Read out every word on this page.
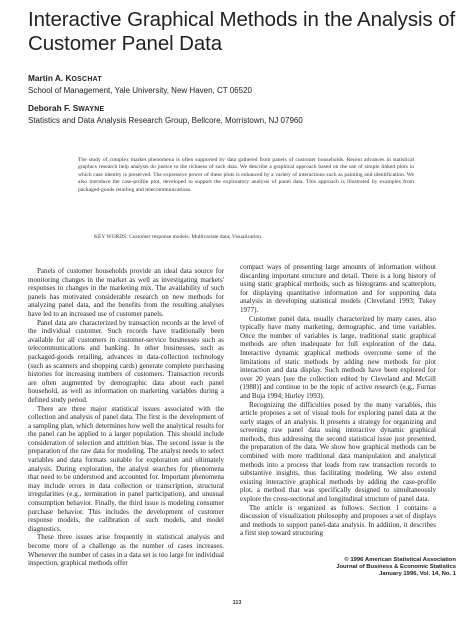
Interactive Graphical Methods in the Analysis of Customer Panel Data
Martin A. KOSCHAT
School of Management, Yale University, New Haven, CT 06520
Deborah F. SWAYNE
Statistics and Data Analysis Research Group, Bellcore, Morristown, NJ 07960
The study of complex market phenomena is often supported by data gathered from panels of customer households. Recent advances in statistical graphics research help analysts do justice to the richness of such data. We describe a graphical approach based on the use of simple linked plots in which case identity is preserved. The expressive power of these plots is enhanced by a variety of interactions such as painting and identification. We also introduce the case-profile plot, developed to support the exploratory analysis of panel data. This approach is illustrated by examples from packaged-goods retailing and telecommunications.
KEY WORDS: Customer response models; Multivariate data; Visualization.

Panels of customer households provide an ideal data source for monitoring changes in the market as well as investigating markets' responses to changes in the marketing mix. The availability of such panels has motivated considerable research on new methods for analyzing panel data, and the benefits from the resulting analyses have led to an increased use of customer panels.

Panel data are characterized by transaction records at the level of the individual customer. Such records have traditionally been available for all customers in customer-service businesses such as telecommunications and banking. In other businesses, such as packaged-goods retailing, advances in data-collection technology (such as scanners and shopping cards) generate complete purchasing histories for increasing numbers of customers. Transaction records are often augmented by demographic data about each panel household, as well as information on marketing variables during a defined study period.

There are three major statistical issues associated with the collection and analysis of panel data. The first is the development of a sampling plan, which determines how well the analytical results for the panel can be applied to a larger population. This should include consideration of selection and attrition bias. The second issue is the preparation of the raw data for modeling. The analyst needs to select variables and data formats suitable for exploration and ultimately analysis. During exploration, the analyst searches for phenomena that need to be understood and accounted for. Important phenomena may include errors in data collection or transcription, structural irregularities (e.g., termination in panel participation), and unusual consumption behavior. Finally, the third issue is modeling consumer purchase behavior. This includes the development of customer response models, the calibration of such models, and model diagnostics.

These three issues arise frequently in statistical analysis and become more of a challenge as the number of cases increases. Whenever the number of cases in a data set is too large for individual inspection, graphical methods offer

compact ways of presenting large amounts of information without discarding important structure and detail. There is a long history of using static graphical methods, such as histograms and scatterplots, for displaying quantitative information and for supporting data analysis in developing statistical models (Cleveland 1993; Tukey 1977).

Customer panel data, usually characterized by many cases, also typically have many marketing, demographic, and time variables. Once the number of variables is large, traditional static graphical methods are often inadequate for full exploration of the data. Interactive dynamic graphical methods overcome some of the limitations of static methods by adding new methods for plot interaction and data display. Such methods have been explored for over 20 years [see the collection edited by Cleveland and McGill (1988)] and continue to be the topic of active research (e.g., Furnas and Buja 1994; Hurley 1993).

Recognizing the difficulties posed by the many variables, this article proposes a set of visual tools for exploring panel data at the early stages of an analysis. It presents a strategy for organizing and screening raw panel data using interactive dynamic graphical methods, thus addressing the second statistical issue just presented, the preparation of the data. We show how graphical methods can be combined with more traditional data manipulation and analytical methods into a process that leads from raw transaction records to substantive insights, thus facilitating modeling. We also extend existing interactive graphical methods by adding the case-profile plot, a method that was specifically designed to simultaneously explore the cross-sectional and longitudinal structure of panel data.

The article is organized as follows. Section 1 contains a discussion of visualization philosophy and proposes a set of displays and methods to support panel-data analysis. In addition, it describes a first step toward structuring

© 1996 American Statistical Association
Journal of Business & Economic Statistics
January 1996, Vol. 14, No. 1
113
